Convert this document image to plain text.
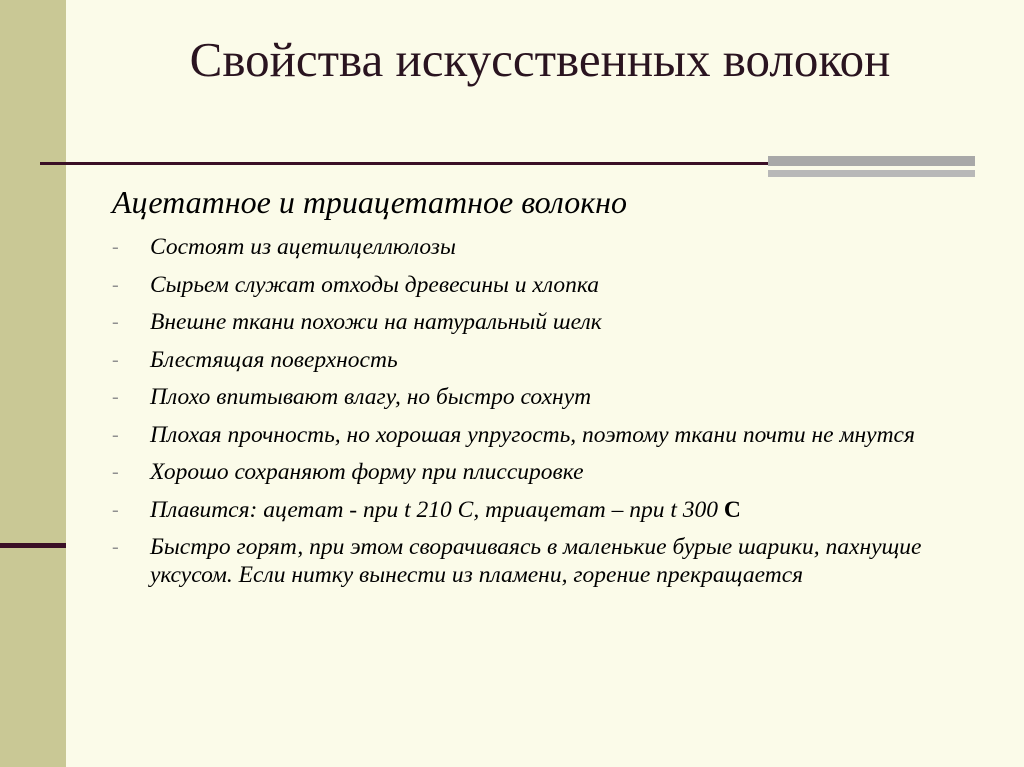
Свойства искусственных волокон

Ацетатное и триацетатное волокно

- Состоят из ацетилцеллюлозы
- Сырьем служат отходы древесины и хлопка
- Внешне ткани похожи на натуральный шелк
- Блестящая поверхность
- Плохо впитывают влагу, но быстро сохнут
- Плохая прочность, но хорошая упругость, поэтому ткани почти не мнутся
- Хорошо сохраняют форму при плиссировке
- Плавится: ацетат - при t 210 С, триацетат – при t 300 С
- Быстро горят, при этом сворачиваясь в маленькие бурые шарики, пахнущие уксусом. Если нитку вынести из пламени, горение прекращается
